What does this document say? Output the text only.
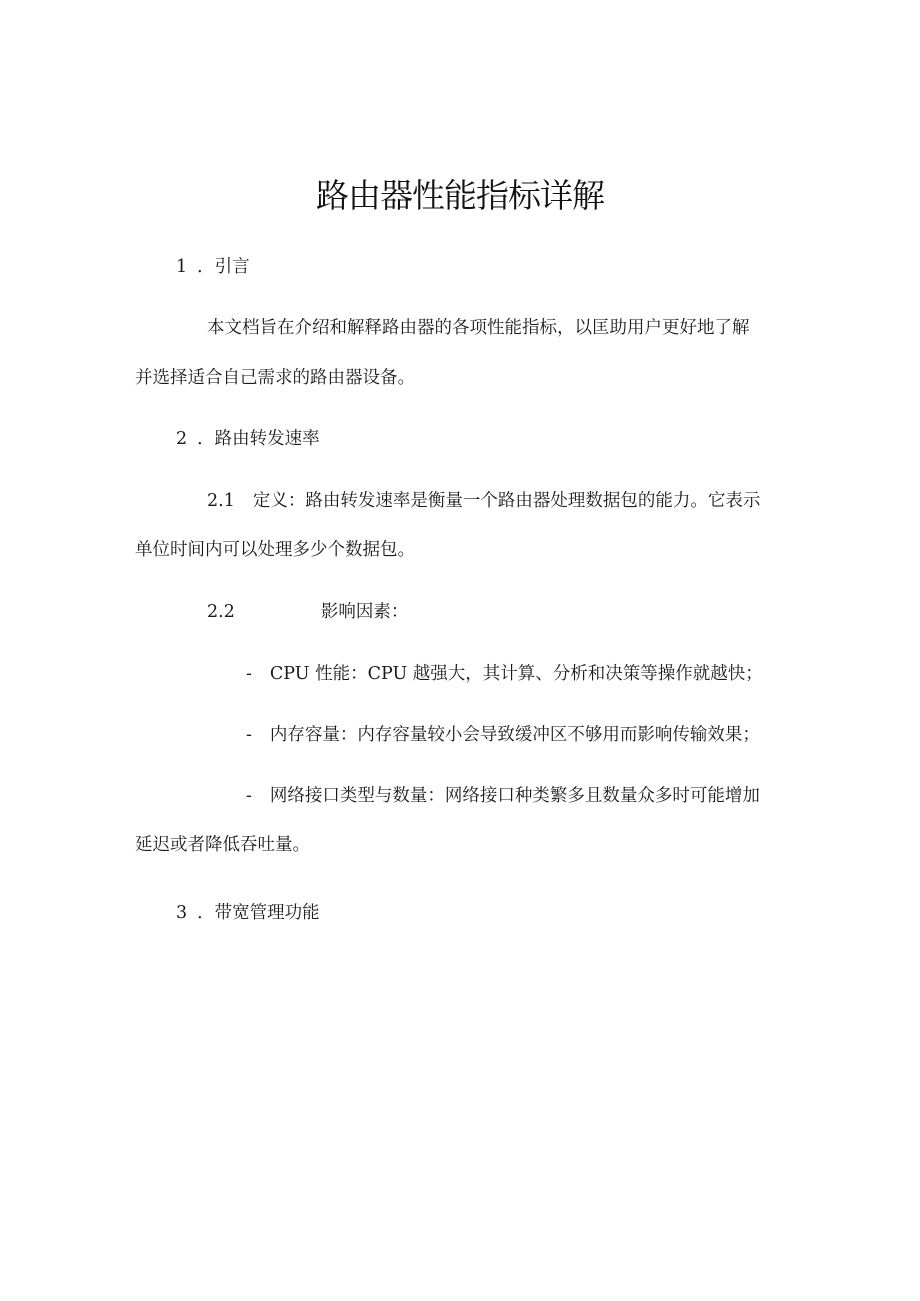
路由器性能指标详解

1 ．引言

本文档旨在介绍和解释路由器的各项性能指标，以匡助用户更好地了解

并选择适合自己需求的路由器设备。

2 ．路由转发速率

2.1 定义：路由转发速率是衡量一个路由器处理数据包的能力。它表示

单位时间内可以处理多少个数据包。

2.2	影响因素：

- CPU 性能：CPU 越强大，其计算、分析和决策等操作就越快；

- 内存容量：内存容量较小会导致缓冲区不够用而影响传输效果；

- 网络接口类型与数量：网络接口种类繁多且数量众多时可能增加

延迟或者降低吞吐量。

3 ．带宽管理功能
